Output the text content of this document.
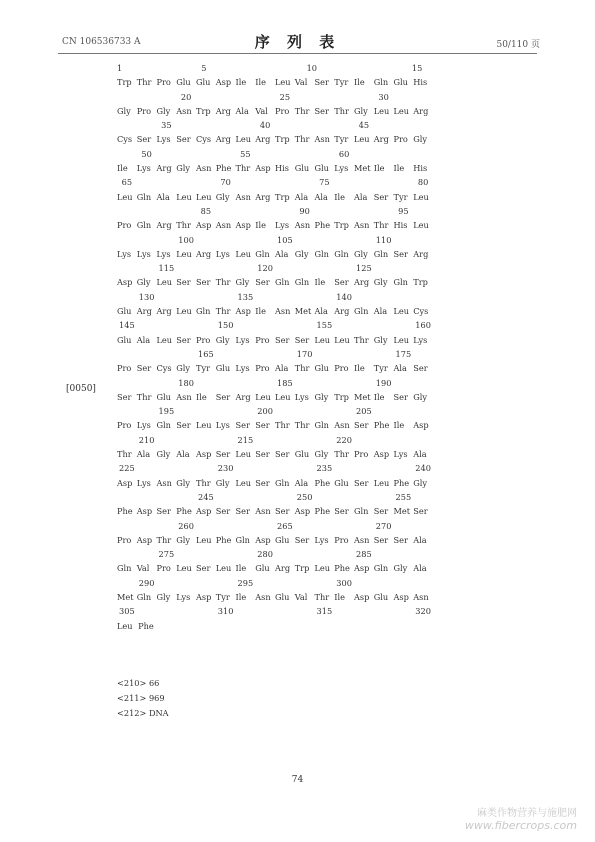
CN 106536733 A	序 列 表	50/110 页
[0050]
1	5	10	15
Trp Thr Pro Glu Glu Asp Ile	Ile	Leu Val Ser Tyr Ile	Gln Glu His
20	25	30
Gly Pro Gly Asn Trp Arg Ala Val Pro Thr Ser Thr Gly Leu Leu Arg
35	40	45
Cys Ser Lys Ser Cys Arg Leu Arg Trp Thr Asn Tyr Leu Arg Pro Gly
50	55	60
Ile	Lys Arg Gly Asn Phe Thr Asp His Glu Glu Lys Met Ile	Ile	His
65	70	75	80
Leu Gln Ala Leu Leu Gly Asn Arg Trp Ala Ala Ile	Ala Ser Tyr Leu
85	90	95
Pro Gln Arg Thr Asp Asn Asp Ile	Lys Asn Phe Trp Asn Thr His Leu
100	105	110
Lys Lys Lys Leu Arg Lys Leu Gln Ala Gly Gln Gln Gly Gln Ser Arg
115	120	125
Asp Gly Leu Ser Ser Thr Gly Ser Gln Gln Ile	Ser Arg Gly Gln Trp
130	135	140
Glu Arg Arg Leu Gln Thr Asp Ile	Asn Met Ala Arg Gln Ala Leu Cys
145	150	155	160
Glu Ala Leu Ser Pro Gly Lys Pro Ser Ser Leu Leu Thr Gly Leu Lys
165	170	175
Pro Ser Cys Gly Tyr Glu Lys Pro Ala Thr Glu Pro Ile	Tyr Ala Ser
180	185	190
Ser Thr Glu Asn Ile	Ser Arg Leu Leu Lys Gly Trp Met Ile	Ser Gly
195	200	205
Pro Lys Gln Ser Leu Lys Ser Ser Thr Thr Gln Asn Ser Phe Ile	Asp
210	215	220
Thr Ala Gly Ala Asp Ser Leu Ser Ser Glu Gly Thr Pro Asp Lys Ala
225	230	235	240
Asp Lys Asn Gly Thr Gly Leu Ser Gln Ala Phe Glu Ser Leu Phe Gly
245	250	255
Phe Asp Ser Phe Asp Ser Ser Asn Ser Asp Phe Ser Gln Ser Met Ser
260	265	270
Pro Asp Thr Gly Leu Phe Gln Asp Glu Ser Lys Pro Asn Ser Ser Ala
275	280	285
Gln Val Pro Leu Ser Leu Ile	Glu Arg Trp Leu Phe Asp Gln Gly Ala
290	295	300
Met Gln Gly Lys Asp Tyr Ile	Asn Glu Val Thr Ile	Asp Glu Asp Asn
305	310	315	320
Leu Phe
<210> 66
<211> 969
<212> DNA
74
麻类作物营养与施肥网
www.fibercrops.com
